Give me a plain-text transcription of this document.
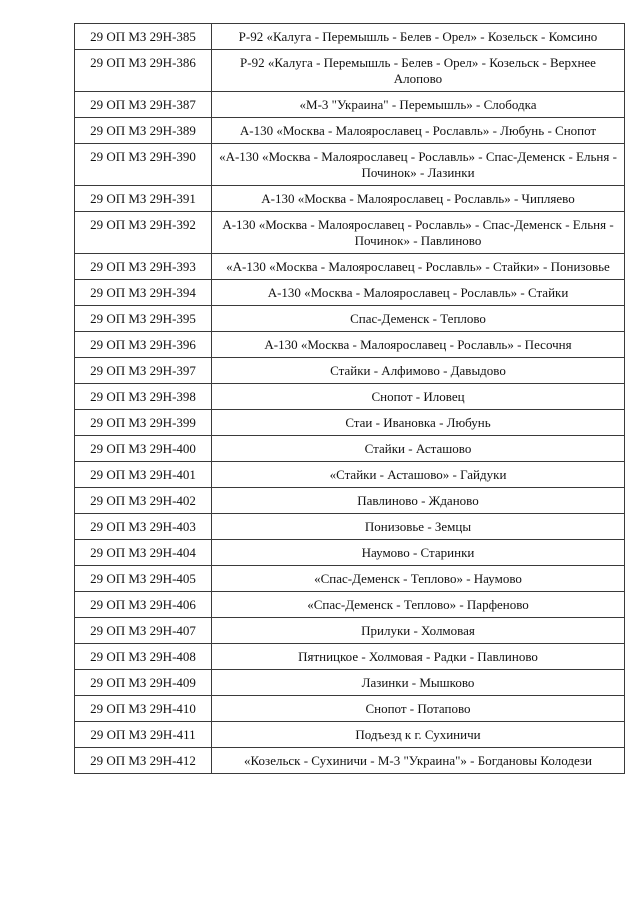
29 ОП МЗ 29Н-385	Р-92 «Калуга - Перемышль - Белев - Орел» - Козельск - Комсино
29 ОП МЗ 29Н-386	Р-92 «Калуга - Перемышль - Белев - Орел» - Козельск - Верхнее Алопово
29 ОП МЗ 29Н-387	«М-3 "Украина" - Перемышль» - Слободка
29 ОП МЗ 29Н-389	А-130 «Москва - Малоярославец - Рославль» - Любунь - Снопот
29 ОП МЗ 29Н-390	«А-130 «Москва - Малоярославец - Рославль» - Спас-Деменск - Ельня - Починок» - Лазинки
29 ОП МЗ 29Н-391	А-130 «Москва - Малоярославец - Рославль» - Чипляево
29 ОП МЗ 29Н-392	А-130 «Москва - Малоярославец - Рославль» - Спас-Деменск - Ельня - Починок» - Павлиново
29 ОП МЗ 29Н-393	«А-130 «Москва - Малоярославец - Рославль» - Стайки» - Понизовье
29 ОП МЗ 29Н-394	А-130 «Москва - Малоярославец - Рославль» - Стайки
29 ОП МЗ 29Н-395	Спас-Деменск - Теплово
29 ОП МЗ 29Н-396	А-130 «Москва - Малоярославец - Рославль» - Песочня
29 ОП МЗ 29Н-397	Стайки - Алфимово - Давыдово
29 ОП МЗ 29Н-398	Снопот - Иловец
29 ОП МЗ 29Н-399	Стаи - Ивановка - Любунь
29 ОП МЗ 29Н-400	Стайки - Асташово
29 ОП МЗ 29Н-401	«Стайки - Асташово» - Гайдуки
29 ОП МЗ 29Н-402	Павлиново - Жданово
29 ОП МЗ 29Н-403	Понизовье - Земцы
29 ОП МЗ 29Н-404	Наумово - Старинки
29 ОП МЗ 29Н-405	«Спас-Деменск - Теплово» - Наумово
29 ОП МЗ 29Н-406	«Спас-Деменск - Теплово» - Парфеново
29 ОП МЗ 29Н-407	Прилуки - Холмовая
29 ОП МЗ 29Н-408	Пятницкое - Холмовая - Радки - Павлиново
29 ОП МЗ 29Н-409	Лазинки - Мышково
29 ОП МЗ 29Н-410	Снопот - Потапово
29 ОП МЗ 29Н-411	Подъезд к г. Сухиничи
29 ОП МЗ 29Н-412	«Козельск - Сухиничи - М-3 "Украина"» - Богдановы Колодези
